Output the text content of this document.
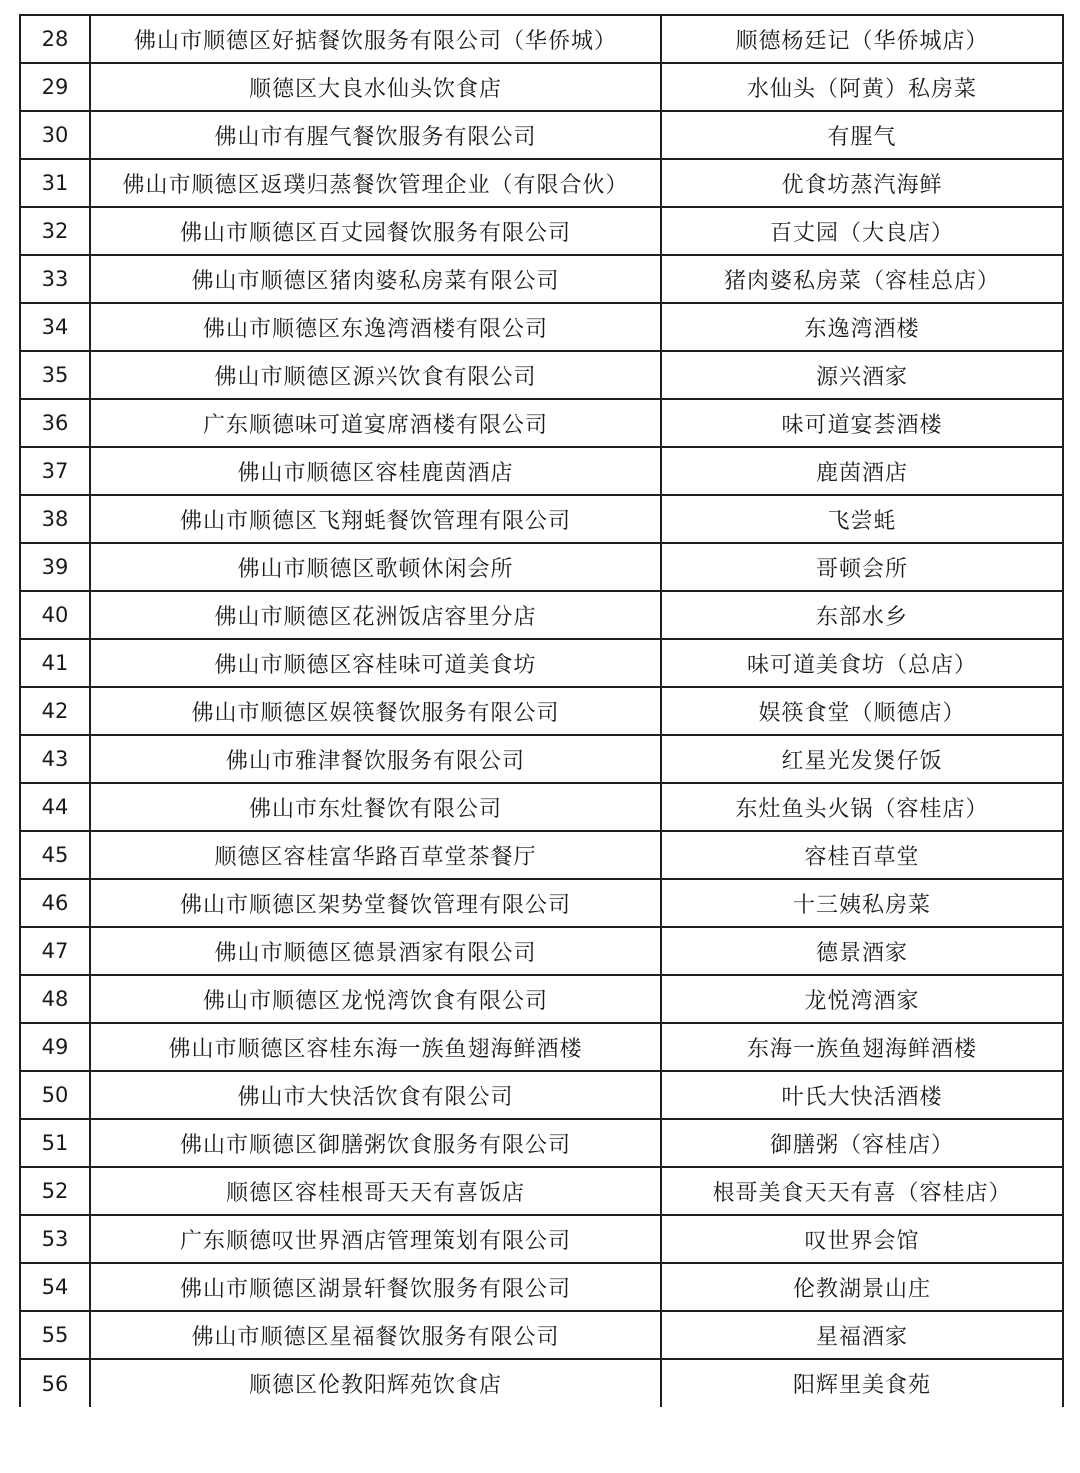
28	佛山市顺德区好掂餐饮服务有限公司（华侨城）	顺德杨廷记（华侨城店）
29	顺德区大良水仙头饮食店	水仙头（阿黄）私房菜
30	佛山市有腥气餐饮服务有限公司	有腥气
31	佛山市顺德区返璞归蒸餐饮管理企业（有限合伙）	优食坊蒸汽海鲜
32	佛山市顺德区百丈园餐饮服务有限公司	百丈园（大良店）
33	佛山市顺德区猪肉婆私房菜有限公司	猪肉婆私房菜（容桂总店）
34	佛山市顺德区东逸湾酒楼有限公司	东逸湾酒楼
35	佛山市顺德区源兴饮食有限公司	源兴酒家
36	广东顺德味可道宴席酒楼有限公司	味可道宴荟酒楼
37	佛山市顺德区容桂鹿茵酒店	鹿茵酒店
38	佛山市顺德区飞翔蚝餐饮管理有限公司	飞尝蚝
39	佛山市顺德区歌顿休闲会所	哥顿会所
40	佛山市顺德区花洲饭店容里分店	东部水乡
41	佛山市顺德区容桂味可道美食坊	味可道美食坊（总店）
42	佛山市顺德区娱筷餐饮服务有限公司	娱筷食堂（顺德店）
43	佛山市雅津餐饮服务有限公司	红星光发煲仔饭
44	佛山市东灶餐饮有限公司	东灶鱼头火锅（容桂店）
45	顺德区容桂富华路百草堂茶餐厅	容桂百草堂
46	佛山市顺德区架势堂餐饮管理有限公司	十三姨私房菜
47	佛山市顺德区德景酒家有限公司	德景酒家
48	佛山市顺德区龙悦湾饮食有限公司	龙悦湾酒家
49	佛山市顺德区容桂东海一族鱼翅海鲜酒楼	东海一族鱼翅海鲜酒楼
50	佛山市大快活饮食有限公司	叶氏大快活酒楼
51	佛山市顺德区御膳粥饮食服务有限公司	御膳粥（容桂店）
52	顺德区容桂根哥天天有喜饭店	根哥美食天天有喜（容桂店）
53	广东顺德叹世界酒店管理策划有限公司	叹世界会馆
54	佛山市顺德区湖景轩餐饮服务有限公司	伦教湖景山庄
55	佛山市顺德区星福餐饮服务有限公司	星福酒家
56	顺德区伦教阳辉苑饮食店	阳辉里美食苑
